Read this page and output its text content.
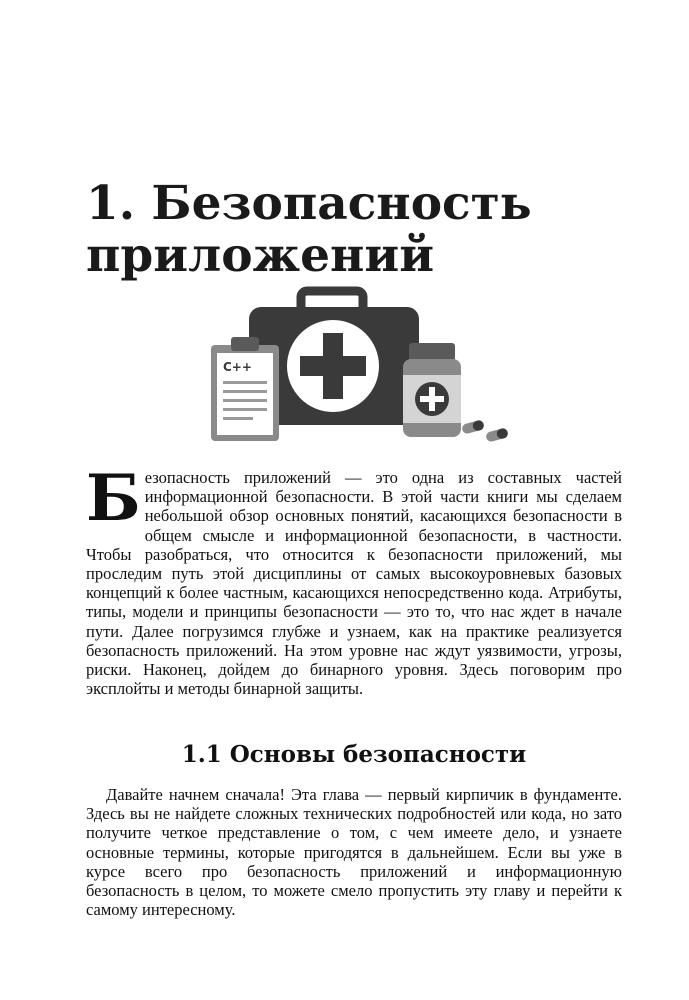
1. Безопасность приложений
C++

Безопасность приложений — это одна из составных частей информационной безопасности. В этой части книги мы сделаем небольшой обзор основных понятий, касающихся безопасности в общем смысле и информационной безопасности, в частности. Чтобы разобраться, что относится к безопасности приложений, мы проследим путь этой дисциплины от самых высокоуровневых базовых концепций к более частным, касающихся непосредственно кода. Атрибуты, типы, модели и принципы безопасности — это то, что нас ждет в начале пути. Далее погрузимся глубже и узнаем, как на практике реализуется безопасность приложений. На этом уровне нас ждут уязвимости, угрозы, риски. Наконец, дойдем до бинарного уровня. Здесь поговорим про эксплойты и методы бинарной защиты.

1.1 Основы безопасности

Давайте начнем сначала! Эта глава — первый кирпичик в фундаменте. Здесь вы не найдете сложных технических подробностей или кода, но зато получите четкое представление о том, с чем имеете дело, и узнаете основные термины, которые пригодятся в дальнейшем. Если вы уже в курсе всего про безопасность приложений и информационную безопасность в целом, то можете смело пропустить эту главу и перейти к самому интересному.
